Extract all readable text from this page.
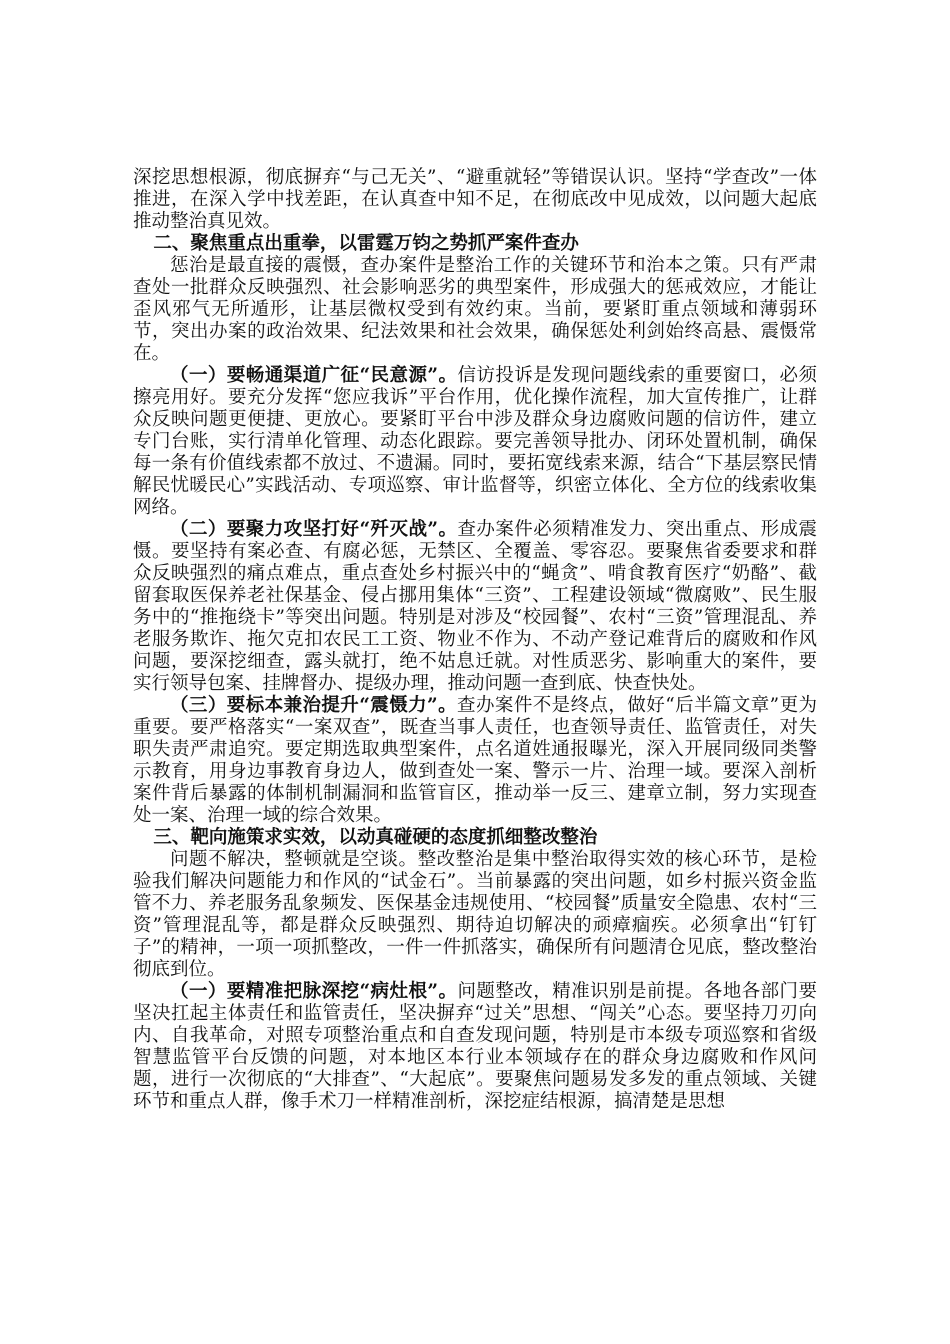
深挖思想根源，彻底摒弃“与己无关”、“避重就轻”等错误认识。坚持“学查改”一体推进，在深入学中找差距，在认真查中知不足，在彻底改中见成效，以问题大起底推动整治真见效。

二、聚焦重点出重拳，以雷霆万钧之势抓严案件查办

惩治是最直接的震慑，查办案件是整治工作的关键环节和治本之策。只有严肃查处一批群众反映强烈、社会影响恶劣的典型案件，形成强大的惩戒效应，才能让歪风邪气无所遁形，让基层微权受到有效约束。当前，要紧盯重点领域和薄弱环节，突出办案的政治效果、纪法效果和社会效果，确保惩处利剑始终高悬、震慑常在。

（一）要畅通渠道广征“民意源”。信访投诉是发现问题线索的重要窗口，必须擦亮用好。要充分发挥“您应我诉”平台作用，优化操作流程，加大宣传推广，让群众反映问题更便捷、更放心。要紧盯平台中涉及群众身边腐败问题的信访件，建立专门台账，实行清单化管理、动态化跟踪。要完善领导批办、闭环处置机制，确保每一条有价值线索都不放过、不遗漏。同时，要拓宽线索来源，结合“下基层察民情解民忧暖民心”实践活动、专项巡察、审计监督等，织密立体化、全方位的线索收集网络。

（二）要聚力攻坚打好“歼灭战”。查办案件必须精准发力、突出重点、形成震慑。要坚持有案必查、有腐必惩，无禁区、全覆盖、零容忍。要聚焦省委要求和群众反映强烈的痛点难点，重点查处乡村振兴中的“蝇贪”、啃食教育医疗“奶酪”、截留套取医保养老社保基金、侵占挪用集体“三资”、工程建设领域“微腐败”、民生服务中的“推拖绕卡”等突出问题。特别是对涉及“校园餐”、农村“三资”管理混乱、养老服务欺诈、拖欠克扣农民工工资、物业不作为、不动产登记难背后的腐败和作风问题，要深挖细查，露头就打，绝不姑息迁就。对性质恶劣、影响重大的案件，要实行领导包案、挂牌督办、提级办理，推动问题一查到底、快查快处。

（三）要标本兼治提升“震慑力”。查办案件不是终点，做好“后半篇文章”更为重要。要严格落实“一案双查”，既查当事人责任，也查领导责任、监管责任，对失职失责严肃追究。要定期选取典型案件，点名道姓通报曝光，深入开展同级同类警示教育，用身边事教育身边人，做到查处一案、警示一片、治理一域。要深入剖析案件背后暴露的体制机制漏洞和监管盲区，推动举一反三、建章立制，努力实现查处一案、治理一域的综合效果。

三、靶向施策求实效，以动真碰硬的态度抓细整改整治

问题不解决，整顿就是空谈。整改整治是集中整治取得实效的核心环节，是检验我们解决问题能力和作风的“试金石”。当前暴露的突出问题，如乡村振兴资金监管不力、养老服务乱象频发、医保基金违规使用、“校园餐”质量安全隐患、农村“三资”管理混乱等，都是群众反映强烈、期待迫切解决的顽瘴痼疾。必须拿出“钉钉子”的精神，一项一项抓整改，一件一件抓落实，确保所有问题清仓见底，整改整治彻底到位。

（一）要精准把脉深挖“病灶根”。问题整改，精准识别是前提。各地各部门要坚决扛起主体责任和监管责任，坚决摒弃“过关”思想、“闯关”心态。要坚持刀刃向内、自我革命，对照专项整治重点和自查发现问题，特别是市本级专项巡察和省级智慧监管平台反馈的问题，对本地区本行业本领域存在的群众身边腐败和作风问题，进行一次彻底的“大排查”、“大起底”。要聚焦问题易发多发的重点领域、关键环节和重点人群，像手术刀一样精准剖析，深挖症结根源，搞清楚是思想
